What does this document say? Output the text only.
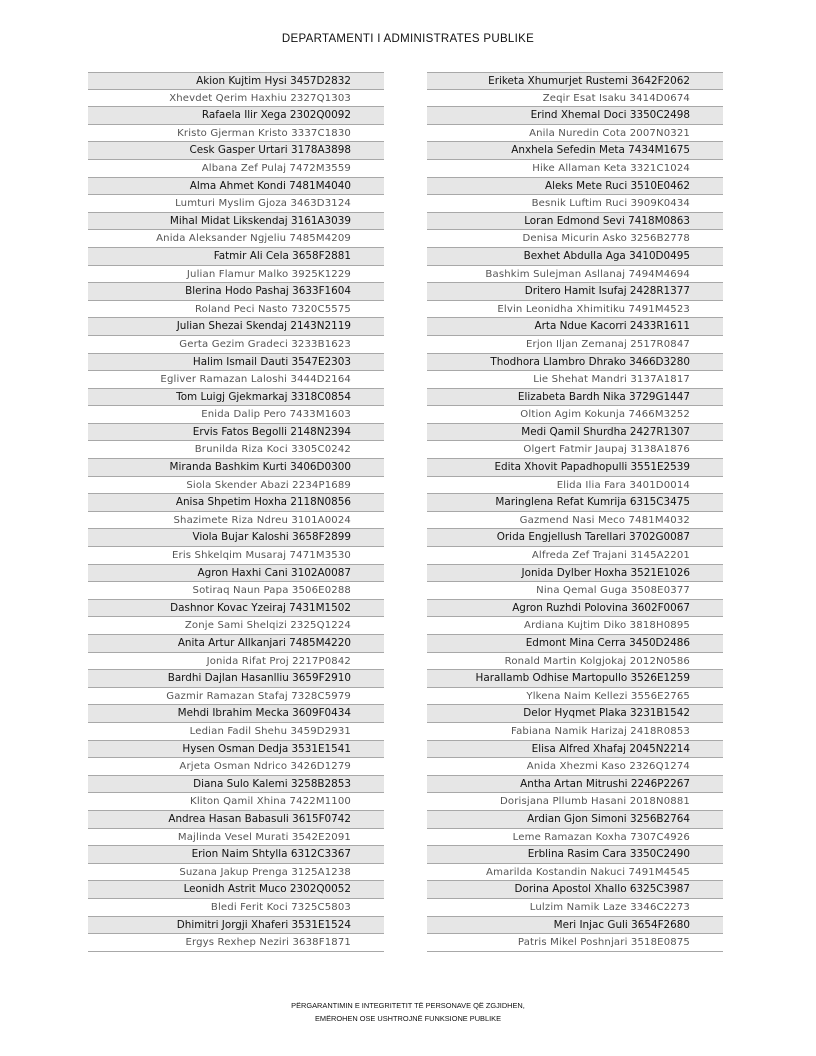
DEPARTAMENTI I ADMINISTRATES PUBLIKE
Akion Kujtim Hysi 3457D2832
Xhevdet Qerim Haxhiu 2327Q1303
Rafaela Ilir Xega 2302Q0092
Kristo Gjerman Kristo 3337C1830
Cesk Gasper Urtari 3178A3898
Albana Zef Pulaj 7472M3559
Alma Ahmet Kondi 7481M4040
Lumturi Myslim Gjoza 3463D3124
Mihal Midat Likskendaj 3161A3039
Anida Aleksander Ngjeliu 7485M4209
Fatmir Ali Cela 3658F2881
Julian Flamur Malko 3925K1229
Blerina Hodo Pashaj 3633F1604
Roland Peci Nasto 7320C5575
Julian Shezai Skendaj 2143N2119
Gerta Gezim Gradeci 3233B1623
Halim Ismail Dauti 3547E2303
Egliver Ramazan Laloshi 3444D2164
Tom Luigj Gjekmarkaj 3318C0854
Enida Dalip Pero 7433M1603
Ervis Fatos Begolli 2148N2394
Brunilda Riza Koci 3305C0242
Miranda Bashkim Kurti 3406D0300
Siola Skender Abazi 2234P1689
Anisa Shpetim Hoxha 2118N0856
Shazimete Riza Ndreu 3101A0024
Viola Bujar Kaloshi 3658F2899
Eris Shkelqim Musaraj 7471M3530
Agron Haxhi Cani 3102A0087
Sotiraq Naun Papa 3506E0288
Dashnor Kovac Yzeiraj 7431M1502
Zonje Sami Shelqizi 2325Q1224
Anita Artur Allkanjari 7485M4220
Jonida Rifat Proj 2217P0842
Bardhi Dajlan Hasanlliu 3659F2910
Gazmir Ramazan Stafaj 7328C5979
Mehdi Ibrahim Mecka 3609F0434
Ledian Fadil Shehu 3459D2931
Hysen Osman Dedja 3531E1541
Arjeta Osman Ndrico 3426D1279
Diana Sulo Kalemi 3258B2853
Kliton Qamil Xhina 7422M1100
Andrea Hasan Babasuli 3615F0742
Majlinda Vesel Murati 3542E2091
Erion Naim Shtylla 6312C3367
Suzana Jakup Prenga 3125A1238
Leonidh Astrit Muco 2302Q0052
Bledi Ferit Koci 7325C5803
Dhimitri Jorgji Xhaferi 3531E1524
Ergys Rexhep Neziri 3638F1871
Eriketa Xhumurjet Rustemi 3642F2062
Zeqir Esat Isaku 3414D0674
Erind Xhemal Doci 3350C2498
Anila Nuredin Cota 2007N0321
Anxhela Sefedin Meta 7434M1675
Hike Allaman Keta 3321C1024
Aleks Mete Ruci 3510E0462
Besnik Luftim Ruci 3909K0434
Loran Edmond Sevi 7418M0863
Denisa Micurin Asko 3256B2778
Bexhet Abdulla Aga 3410D0495
Bashkim Sulejman Asllanaj 7494M4694
Dritero Hamit Isufaj 2428R1377
Elvin Leonidha Xhimitiku 7491M4523
Arta Ndue Kacorri 2433R1611
Erjon Iljan Zemanaj 2517R0847
Thodhora Llambro Dhrako 3466D3280
Lie Shehat Mandri 3137A1817
Elizabeta Bardh Nika 3729G1447
Oltion Agim Kokunja 7466M3252
Medi Qamil Shurdha 2427R1307
Olgert Fatmir Jaupaj 3138A1876
Edita Xhovit Papadhopulli 3551E2539
Elida Ilia Fara 3401D0014
Maringlena Refat Kumrija 6315C3475
Gazmend Nasi Meco 7481M4032
Orida Engjellush Tarellari 3702G0087
Alfreda Zef Trajani 3145A2201
Jonida Dylber Hoxha 3521E1026
Nina Qemal Guga 3508E0377
Agron Ruzhdi Polovina 3602F0067
Ardiana Kujtim Diko 3818H0895
Edmont Mina Cerra 3450D2486
Ronald Martin Kolgjokaj 2012N0586
Harallamb Odhise Martopullo 3526E1259
Ylkena Naim Kellezi 3556E2765
Delor Hyqmet Plaka 3231B1542
Fabiana Namik Harizaj 2418R0853
Elisa Alfred Xhafaj 2045N2214
Anida Xhezmi Kaso 2326Q1274
Antha Artan Mitrushi 2246P2267
Dorisjana Pllumb Hasani 2018N0881
Ardian Gjon Simoni 3256B2764
Leme Ramazan Koxha 7307C4926
Erblina Rasim Cara 3350C2490
Amarilda Kostandin Nakuci 7491M4545
Dorina Apostol Xhallo 6325C3987
Lulzim Namik Laze 3346C2273
Meri Injac Guli 3654F2680
Patris Mikel Poshnjari 3518E0875
PËRGARANTIMIN E INTEGRITETIT TË PERSONAVE QË ZGJIDHEN,
EMËROHEN OSE USHTROJNË FUNKSIONE PUBLIKE
